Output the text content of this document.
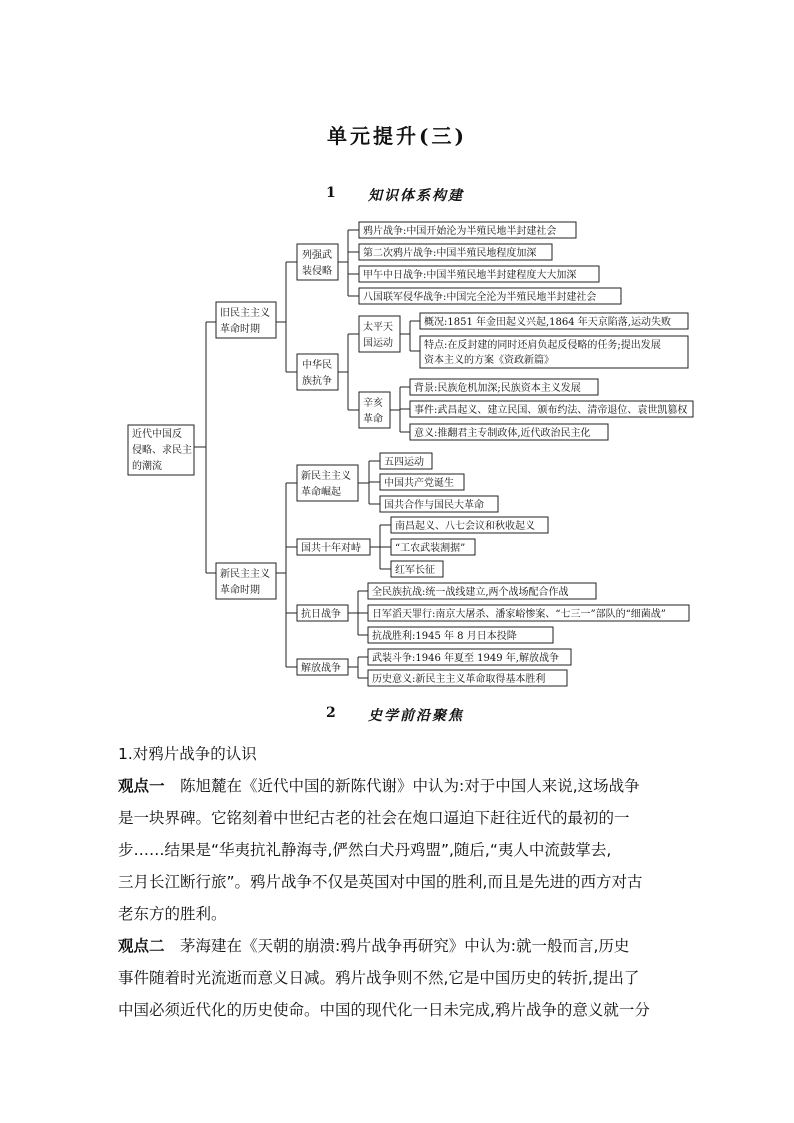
单元提升(三)
1 知识体系构建
近代中国反
侵略、求民主
的潮流
旧民主主义
革命时期
新民主主义
革命时期
列强武
装侵略
中华民
族抗争
太平天
国运动
辛亥
革命
鸦片战争:中国开始沦为半殖民地半封建社会
第二次鸦片战争:中国半殖民地程度加深
甲午中日战争:中国半殖民地半封建程度大大加深
八国联军侵华战争:中国完全沦为半殖民地半封建社会
概况:1851 年金田起义兴起,1864 年天京陷落,运动失败
特点:在反封建的同时还肩负起反侵略的任务;提出发展
资本主义的方案《资政新篇》
背景:民族危机加深;民族资本主义发展
事件:武昌起义、建立民国、颁布约法、清帝退位、袁世凯篡权
意义:推翻君主专制政体,近代政治民主化
新民主主义
革命崛起
五四运动
中国共产党诞生
国共合作与国民大革命
国共十年对峙
南昌起义、八七会议和秋收起义
“工农武装割据”
红军长征
抗日战争
全民族抗战:统一战线建立,两个战场配合作战
日军滔天罪行:南京大屠杀、潘家峪惨案、“七三一”部队的“细菌战”
抗战胜利:1945 年 8 月日本投降
解放战争
武装斗争:1946 年夏至 1949 年,解放战争
历史意义:新民主主义革命取得基本胜利
2 史学前沿聚焦

1.对鸦片战争的认识

观点一  陈旭麓在《近代中国的新陈代谢》中认为:对于中国人来说,这场战争
是一块界碑。它铭刻着中世纪古老的社会在炮口逼迫下赶往近代的最初的一
步……结果是“华夷抗礼静海寺,俨然白犬丹鸡盟”,随后,“夷人中流鼓掌去,
三月长江断行旅”。鸦片战争不仅是英国对中国的胜利,而且是先进的西方对古
老东方的胜利。

观点二  茅海建在《天朝的崩溃:鸦片战争再研究》中认为:就一般而言,历史
事件随着时光流逝而意义日减。鸦片战争则不然,它是中国历史的转折,提出了
中国必须近代化的历史使命。中国的现代化一日未完成,鸦片战争的意义就一分
